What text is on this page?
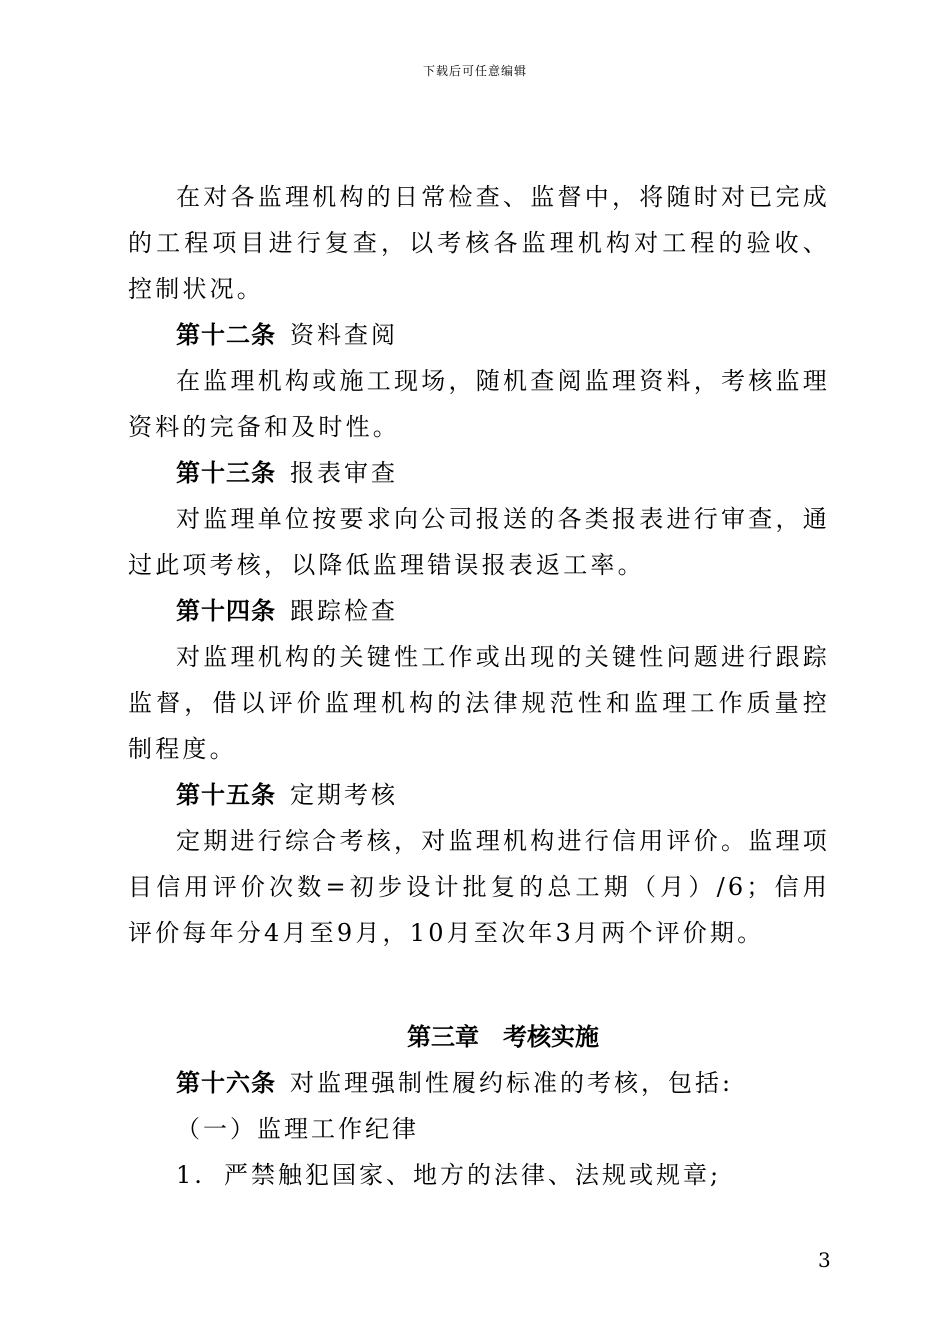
下载后可任意编辑

在对各监理机构的日常检查、监督中，将随时对已完成的工程项目进行复查，以考核各监理机构对工程的验收、控制状况。

第十二条 资料查阅

在监理机构或施工现场，随机查阅监理资料，考核监理资料的完备和及时性。

第十三条 报表审查

对监理单位按要求向公司报送的各类报表进行审查，通过此项考核，以降低监理错误报表返工率。

第十四条 跟踪检查

对监理机构的关键性工作或出现的关键性问题进行跟踪监督，借以评价监理机构的法律规范性和监理工作质量控制程度。

第十五条 定期考核

定期进行综合考核，对监理机构进行信用评价。监理项目信用评价次数=初步设计批复的总工期（月）/6；信用评价每年分4月至9月，10月至次年3月两个评价期。

第三章　考核实施

第十六条 对监理强制性履约标准的考核，包括:

（一）监理工作纪律

1. 严禁触犯国家、地方的法律、法规或规章;

3
